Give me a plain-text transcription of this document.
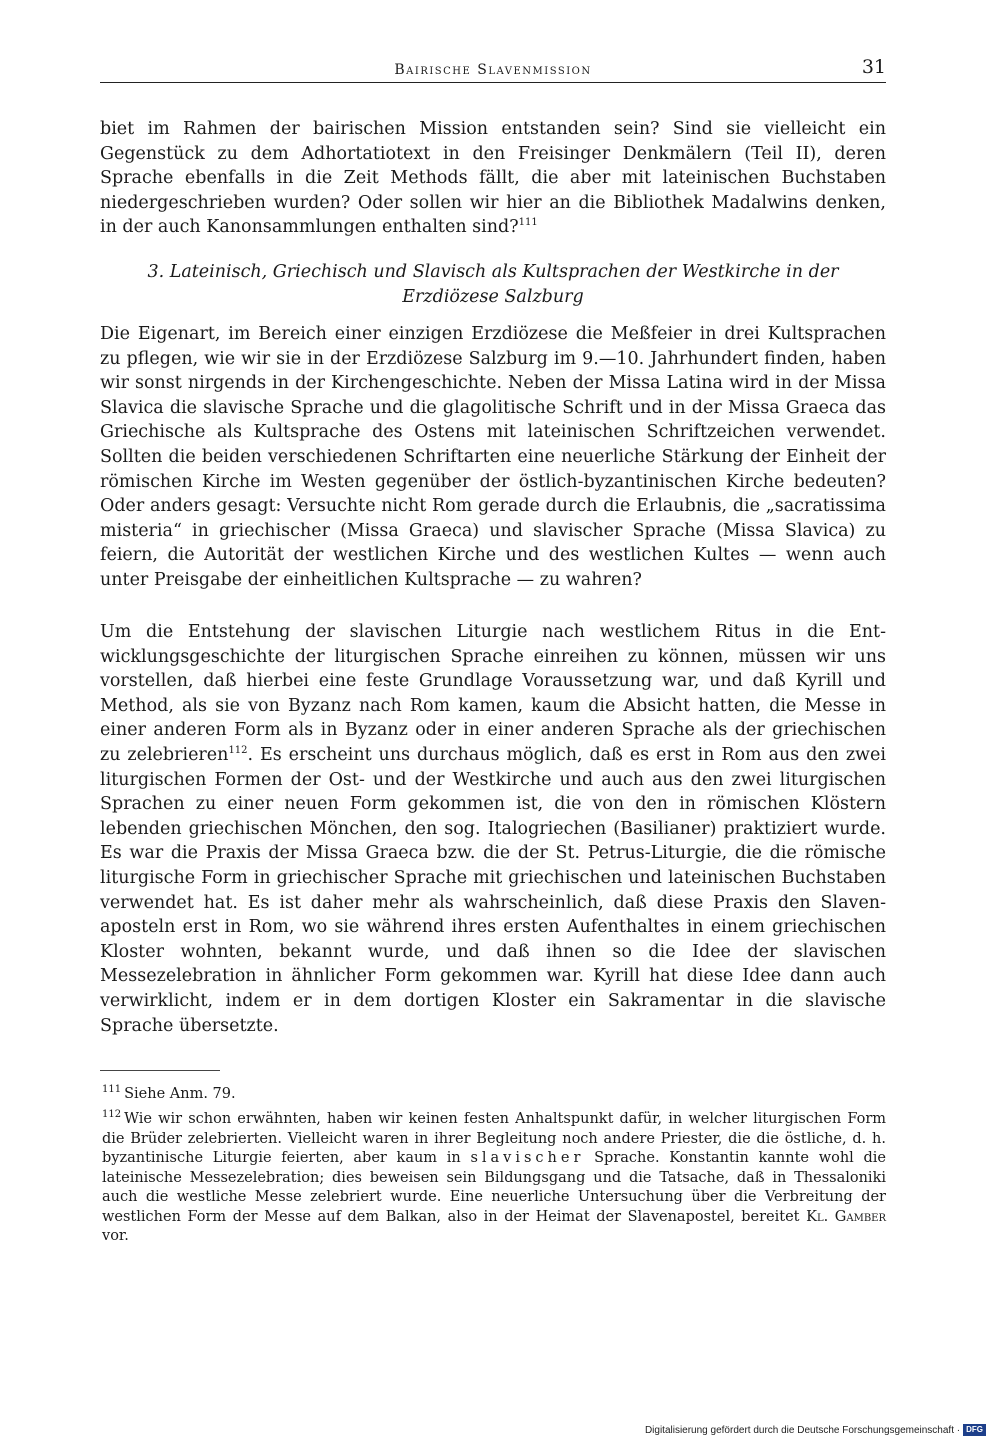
Bairische Slavenmission	31

biet im Rahmen der bairischen Mission entstanden sein? Sind sie vielleicht ein Gegenstück zu dem Adhortatiotext in den Freisinger Denkmälern (Teil II), deren Sprache ebenfalls in die Zeit Methods fällt, die aber mit lateinischen Buchstaben niedergeschrieben wurden? Oder sollen wir hier an die Bibliothek Madalwins denken, in der auch Kanonsammlungen enthalten sind?$^{111}$

3. Lateinisch, Griechisch und Slavisch als Kultsprachen der Westkirche in der Erzdiözese Salzburg

Die Eigenart, im Bereich einer einzigen Erzdiözese die Meßfeier in drei Kultsprachen zu pflegen, wie wir sie in der Erzdiözese Salzburg im 9.—10. Jahrhundert finden, haben wir sonst nirgends in der Kirchengeschichte. Neben der Missa Latina wird in der Missa Slavica die slavische Sprache und die glagolitische Schrift und in der Missa Graeca das Griechische als Kultsprache des Ostens mit lateinischen Schriftzeichen verwendet. Sollten die beiden verschiedenen Schriftarten eine neuerliche Stärkung der Einheit der römischen Kirche im Westen gegenüber der östlich-byzantinischen Kirche bedeuten? Oder anders gesagt: Versuchte nicht Rom gerade durch die Erlaubnis, die „sacratissima misteria“ in griechischer (Missa Graeca) und slavischer Sprache (Missa Slavica) zu feiern, die Autorität der westlichen Kirche und des westlichen Kultes — wenn auch unter Preisgabe der einheitlichen Kultsprache — zu wahren?

Um die Entstehung der slavischen Liturgie nach westlichem Ritus in die Entwicklungsgeschichte der liturgischen Sprache einreihen zu können, müssen wir uns vorstellen, daß hierbei eine feste Grundlage Voraussetzung war, und daß Kyrill und Method, als sie von Byzanz nach Rom kamen, kaum die Absicht hatten, die Messe in einer anderen Form als in Byzanz oder in einer anderen Sprache als der griechischen zu zelebrieren$^{112}$. Es erscheint uns durchaus möglich, daß es erst in Rom aus den zwei liturgischen Formen der Ost- und der Westkirche und auch aus den zwei liturgischen Sprachen zu einer neuen Form gekommen ist, die von den in römischen Klöstern lebenden griechischen Mönchen, den sog. Italogriechen (Basilianer) praktiziert wurde. Es war die Praxis der Missa Graeca bzw. die der St. Petrus-Liturgie, die die römische liturgische Form in griechischer Sprache mit griechischen und lateinischen Buchstaben verwendet hat. Es ist daher mehr als wahrscheinlich, daß diese Praxis den Slavenaposteln erst in Rom, wo sie während ihres ersten Aufenthaltes in einem griechischen Kloster wohnten, bekannt wurde, und daß ihnen so die Idee der slavischen Messezelebration in ähnlicher Form gekommen war. Kyrill hat diese Idee dann auch verwirklicht, indem er in dem dortigen Kloster ein Sakramentar in die slavische Sprache übersetzte.

$^{111}$ Siehe Anm. 79.

$^{112}$ Wie wir schon erwähnten, haben wir keinen festen Anhaltspunkt dafür, in welcher liturgischen Form die Brüder zelebrierten. Vielleicht waren in ihrer Begleitung noch andere Priester, die die östliche, d. h. byzantinische Liturgie feierten, aber kaum in slavischer Sprache. Konstantin kannte wohl die lateinische Messezelebration; dies beweisen sein Bildungsgang und die Tatsache, daß in Thessaloniki auch die westliche Messe zelebriert wurde. Eine neuerliche Untersuchung über die Verbreitung der westlichen Form der Messe auf dem Balkan, also in der Heimat der Slavenapostel, bereitet Kl. Gamber vor.

Digitalisierung gefördert durch die Deutsche Forschungsgemeinschaft · DFG
